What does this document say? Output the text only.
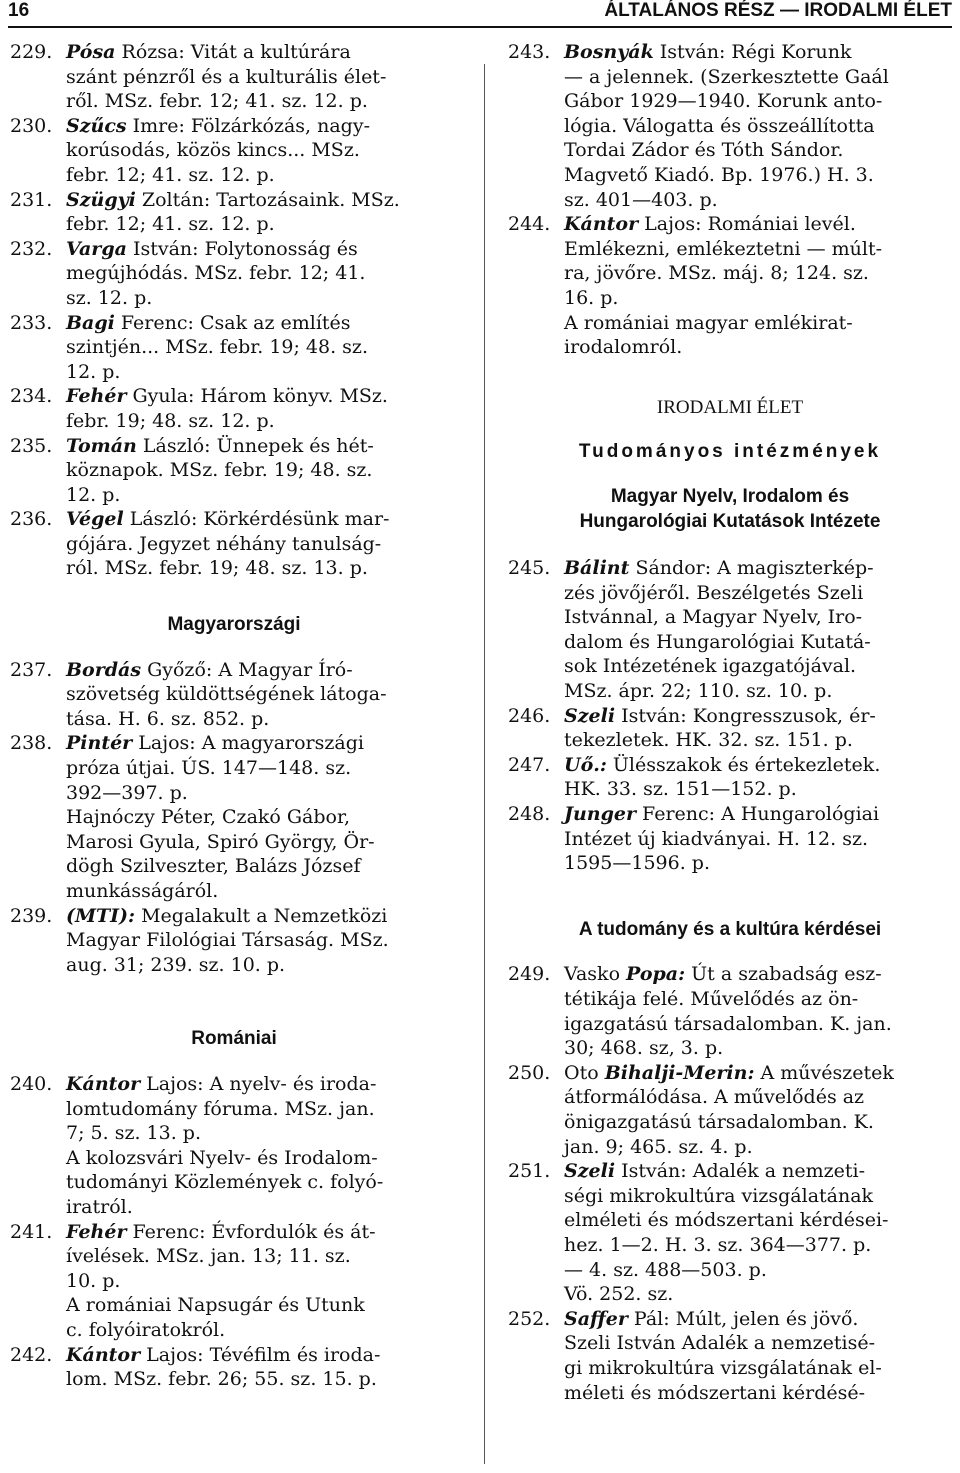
16	ÁLTALÁNOS RÉSZ — IRODALMI ÉLET
229. Pósa Rózsa: Vitát a kultúrára
szánt pénzről és a kulturális élet-
ről. MSz. febr. 12; 41. sz. 12. p.
230. Szűcs Imre: Fölzárkózás, nagy-
korúsodás, közös kincs... MSz.
febr. 12; 41. sz. 12. p.
231. Szügyi Zoltán: Tartozásaink. MSz.
febr. 12; 41. sz. 12. p.
232. Varga István: Folytonosság és
megújhódás. MSz. febr. 12; 41.
sz. 12. p.
233. Bagi Ferenc: Csak az említés
szintjén... MSz. febr. 19; 48. sz.
12. p.
234. Fehér Gyula: Három könyv. MSz.
febr. 19; 48. sz. 12. p.
235. Tomán László: Ünnepek és hét-
köznapok. MSz. febr. 19; 48. sz.
12. p.
236. Végel László: Körkérdésünk mar-
gójára. Jegyzet néhány tanulság-
ról. MSz. febr. 19; 48. sz. 13. p.
Magyarországi
237. Bordás Győző: A Magyar Író-
szövetség küldöttségének látoga-
tása. H. 6. sz. 852. p.
238. Pintér Lajos: A magyarországi
próza útjai. ÚS. 147—148. sz.
392—397. p.
Hajnóczy Péter, Czakó Gábor,
Marosi Gyula, Spiró György, Ör-
dögh Szilveszter, Balázs József
munkásságáról.
239. (MTI): Megalakult a Nemzetközi
Magyar Filológiai Társaság. MSz.
aug. 31; 239. sz. 10. p.
Romániai
240. Kántor Lajos: A nyelv- és iroda-
lomtudomány fóruma. MSz. jan.
7; 5. sz. 13. p.
A kolozsvári Nyelv- és Irodalom-
tudományi Közlemények c. folyó-
iratról.
241. Fehér Ferenc: Évfordulók és át-
ívelések. MSz. jan. 13; 11. sz.
10. p.
A romániai Napsugár és Utunk
c. folyóiratokról.
242. Kántor Lajos: Tévéfilm és iroda-
lom. MSz. febr. 26; 55. sz. 15. p.
243. Bosnyák István: Régi Korunk
— a jelennek. (Szerkesztette Gaál
Gábor 1929—1940. Korunk anto-
lógia. Válogatta és összeállította
Tordai Zádor és Tóth Sándor.
Magvető Kiadó. Bp. 1976.) H. 3.
sz. 401—403. p.
244. Kántor Lajos: Romániai levél.
Emlékezni, emlékeztetni — múlt-
ra, jövőre. MSz. máj. 8; 124. sz.
16. p.
A romániai magyar emlékirat-
irodalomról.
IRODALMI ÉLET
Tudományos intézmények
Magyar Nyelv, Irodalom és
Hungarológiai Kutatások Intézete
245. Bálint Sándor: A magiszterkép-
zés jövőjéről. Beszélgetés Szeli
Istvánnal, a Magyar Nyelv, Iro-
dalom és Hungarológiai Kutatá-
sok Intézetének igazgatójával.
MSz. ápr. 22; 110. sz. 10. p.
246. Szeli István: Kongresszusok, ér-
tekezletek. HK. 32. sz. 151. p.
247. Uő.: Ülésszakok és értekezletek.
HK. 33. sz. 151—152. p.
248. Junger Ferenc: A Hungarológiai
Intézet új kiadványai. H. 12. sz.
1595—1596. p.
A tudomány és a kultúra kérdései
249. Vasko Popa: Út a szabadság esz-
tétikája felé. Művelődés az ön-
igazgatású társadalomban. K. jan.
30; 468. sz, 3. p.
250. Oto Bihalji-Merin: A művészetek
átformálódása. A művelődés az
önigazgatású társadalomban. K.
jan. 9; 465. sz. 4. p.
251. Szeli István: Adalék a nemzeti-
ségi mikrokultúra vizsgálatának
elméleti és módszertani kérdései-
hez. 1—2. H. 3. sz. 364—377. p.
— 4. sz. 488—503. p.
Vö. 252. sz.
252. Saffer Pál: Múlt, jelen és jövő.
Szeli István Adalék a nemzetisé-
gi mikrokultúra vizsgálatának el-
méleti és módszertani kérdésé-
